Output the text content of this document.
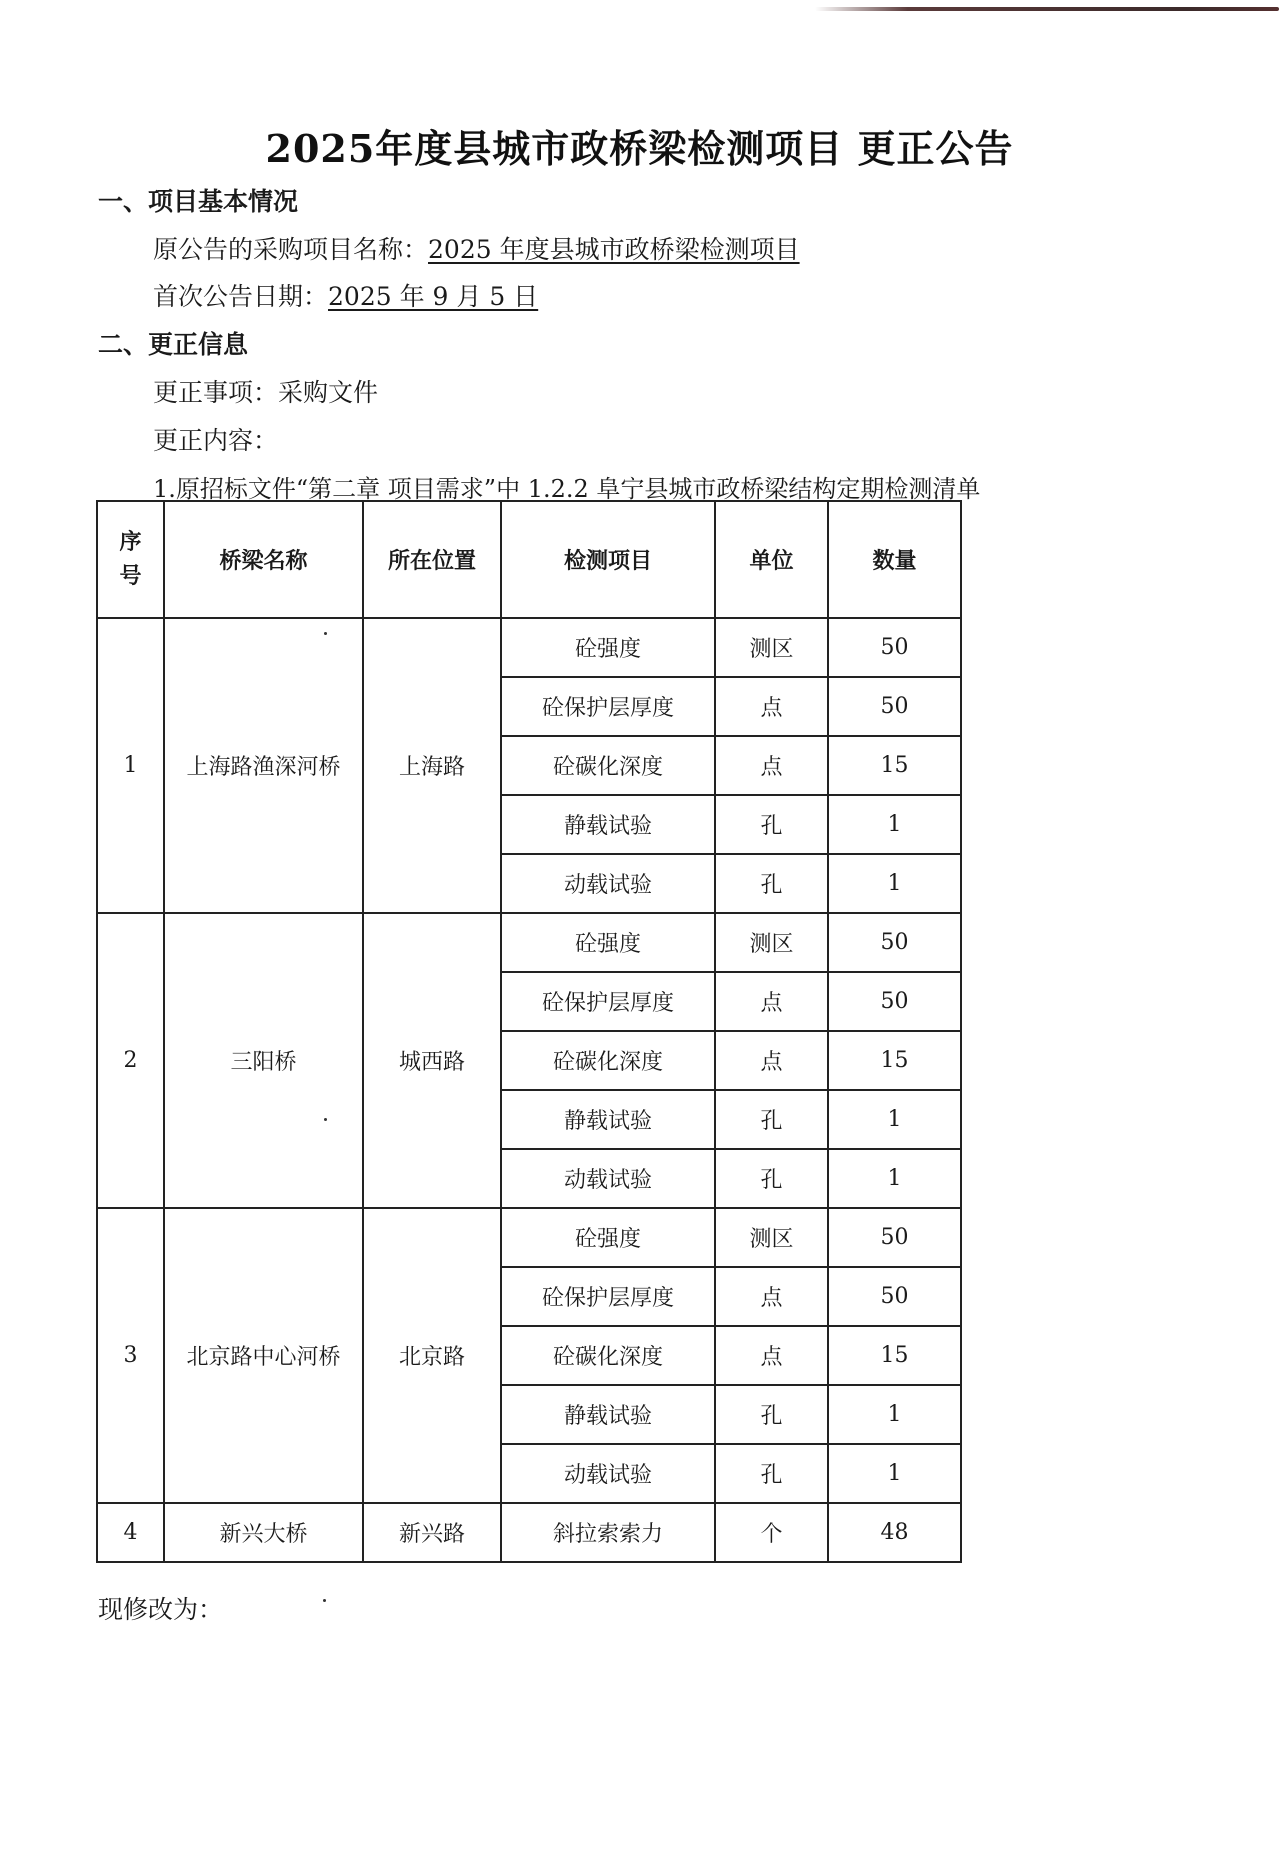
2025年度县城市政桥梁检测项目 更正公告
一、项目基本情况
原公告的采购项目名称：2025 年度县城市政桥梁检测项目
首次公告日期：2025 年 9 月 5 日
二、更正信息
更正事项：采购文件
更正内容：
1.原招标文件“第二章 项目需求”中 1.2.2 阜宁县城市政桥梁结构定期检测清单
序号	桥梁名称	所在位置	检测项目	单位	数量
1	上海路渔深河桥	上海路	砼强度	测区	50
			砼保护层厚度	点	50
			砼碳化深度	点	15
			静载试验	孔	1
			动载试验	孔	1
2	三阳桥	城西路	砼强度	测区	50
			砼保护层厚度	点	50
			砼碳化深度	点	15
			静载试验	孔	1
			动载试验	孔	1
3	北京路中心河桥	北京路	砼强度	测区	50
			砼保护层厚度	点	50
			砼碳化深度	点	15
			静载试验	孔	1
			动载试验	孔	1
4	新兴大桥	新兴路	斜拉索索力	个	48
现修改为：
